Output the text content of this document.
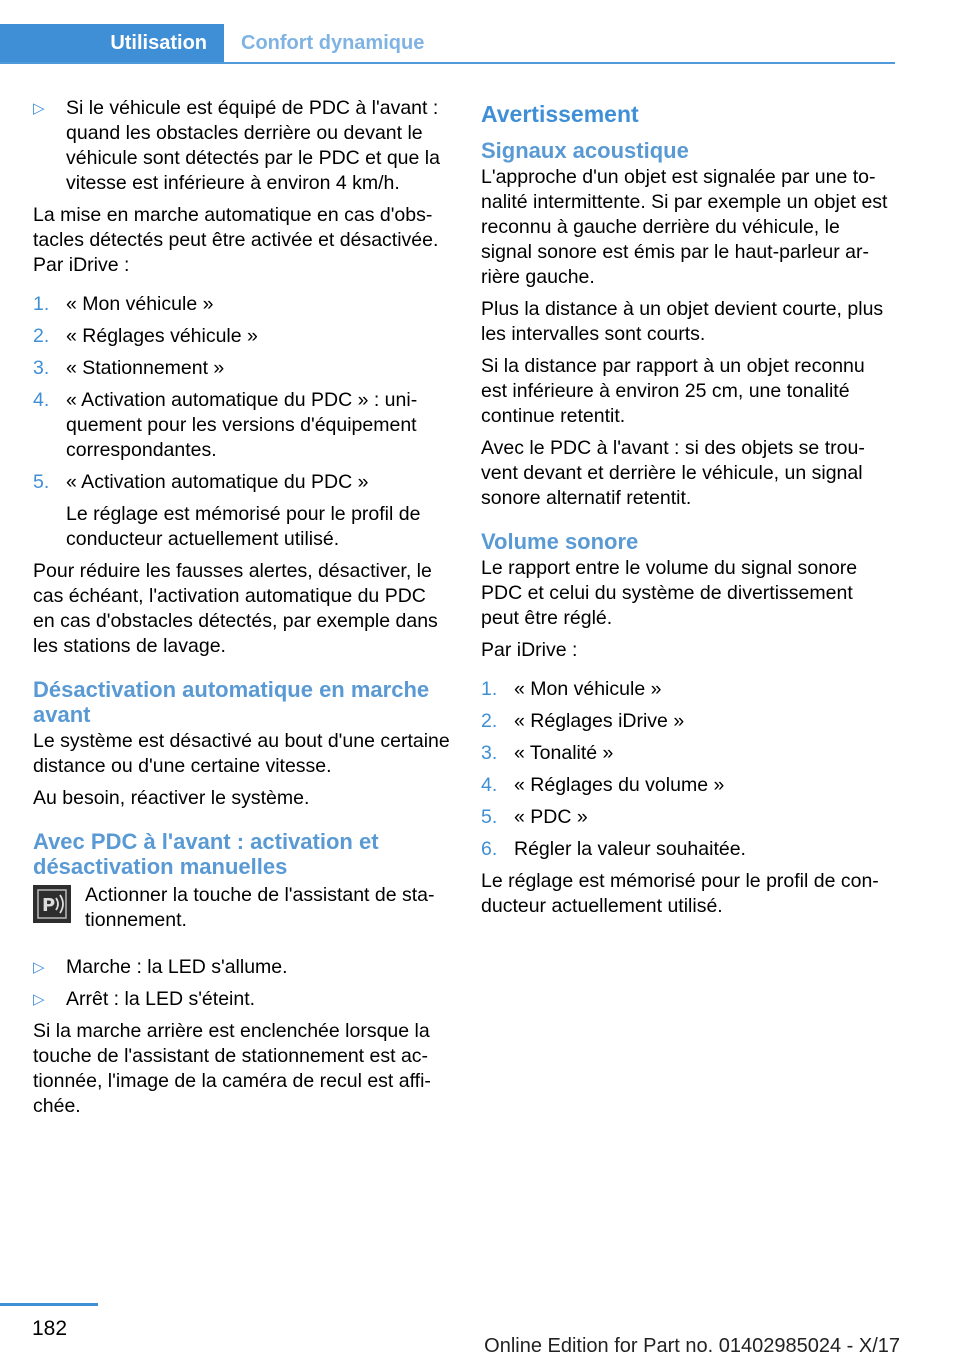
Utilisation Confort dynamique
▷ Si le véhicule est équipé de PDC à l'avant : quand les obstacles derrière ou devant le véhicule sont détectés par le PDC et que la vitesse est inférieure à environ 4 km/h.

La mise en marche automatique en cas d'obstacles détectés peut être activée et désactivée. Par iDrive :

1. « Mon véhicule »
2. « Réglages véhicule »
3. « Stationnement »
4. « Activation automatique du PDC » : uniquement pour les versions d'équipement correspondantes.
5. « Activation automatique du PDC »
Le réglage est mémorisé pour le profil de conducteur actuellement utilisé.

Pour réduire les fausses alertes, désactiver, le cas échéant, l'activation automatique du PDC en cas d'obstacles détectés, par exemple dans les stations de lavage.

Désactivation automatique en marche avant

Le système est désactivé au bout d'une certaine distance ou d'une certaine vitesse.

Au besoin, réactiver le système.

Avec PDC à l'avant : activation et désactivation manuelles
P Actionner la touche de l'assistant de stationnement.
▷ Marche : la LED s'allume.
▷ Arrêt : la LED s'éteint.

Si la marche arrière est enclenchée lorsque la touche de l'assistant de stationnement est actionnée, l'image de la caméra de recul est affichée.

Avertissement
Signaux acoustique

L'approche d'un objet est signalée par une tonalité intermittente. Si par exemple un objet est reconnu à gauche derrière du véhicule, le signal sonore est émis par le haut-parleur arrière gauche.

Plus la distance à un objet devient courte, plus les intervalles sont courts.

Si la distance par rapport à un objet reconnu est inférieure à environ 25 cm, une tonalité continue retentit.

Avec le PDC à l'avant : si des objets se trouvent devant et derrière le véhicule, un signal sonore alternatif retentit.

Volume sonore

Le rapport entre le volume du signal sonore PDC et celui du système de divertissement peut être réglé.

Par iDrive :

1. « Mon véhicule »
2. « Réglages iDrive »
3. « Tonalité »
4. « Réglages du volume »
5. « PDC »
6. Régler la valeur souhaitée.

Le réglage est mémorisé pour le profil de conducteur actuellement utilisé.

182
Online Edition for Part no. 01402985024 - X/17
